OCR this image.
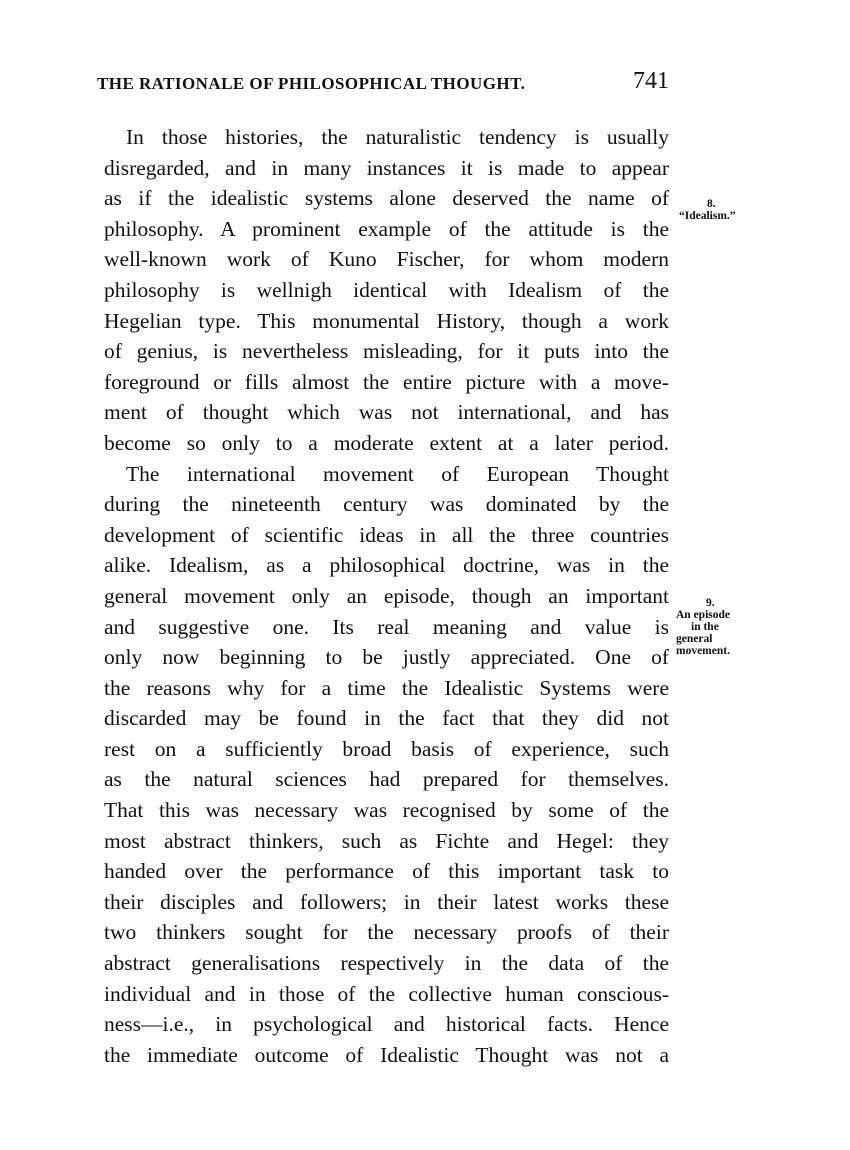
THE RATIONALE OF PHILOSOPHICAL THOUGHT.	741

In those histories, the naturalistic tendency is usually
disregarded, and in many instances it is made to appear
as if the idealistic systems alone deserved the name of
philosophy. A prominent example of the attitude is the
well-known work of Kuno Fischer, for whom modern
philosophy is wellnigh identical with Idealism of the
Hegelian type. This monumental History, though a work
of genius, is nevertheless misleading, for it puts into the
foreground or fills almost the entire picture with a move-
ment of thought which was not international, and has
become so only to a moderate extent at a later period.

The international movement of European Thought
during the nineteenth century was dominated by the
development of scientific ideas in all the three countries
alike. Idealism, as a philosophical doctrine, was in the
general movement only an episode, though an important
and suggestive one. Its real meaning and value is
only now beginning to be justly appreciated. One of
the reasons why for a time the Idealistic Systems were
discarded may be found in the fact that they did not
rest on a sufficiently broad basis of experience, such
as the natural sciences had prepared for themselves.
That this was necessary was recognised by some of the
most abstract thinkers, such as Fichte and Hegel: they
handed over the performance of this important task to
their disciples and followers; in their latest works these
two thinkers sought for the necessary proofs of their
abstract generalisations respectively in the data of the
individual and in those of the collective human conscious-
ness—i.e., in psychological and historical facts. Hence
the immediate outcome of Idealistic Thought was not a

8.
“Idealism.”
9.
An episode
in the
general
movement.
